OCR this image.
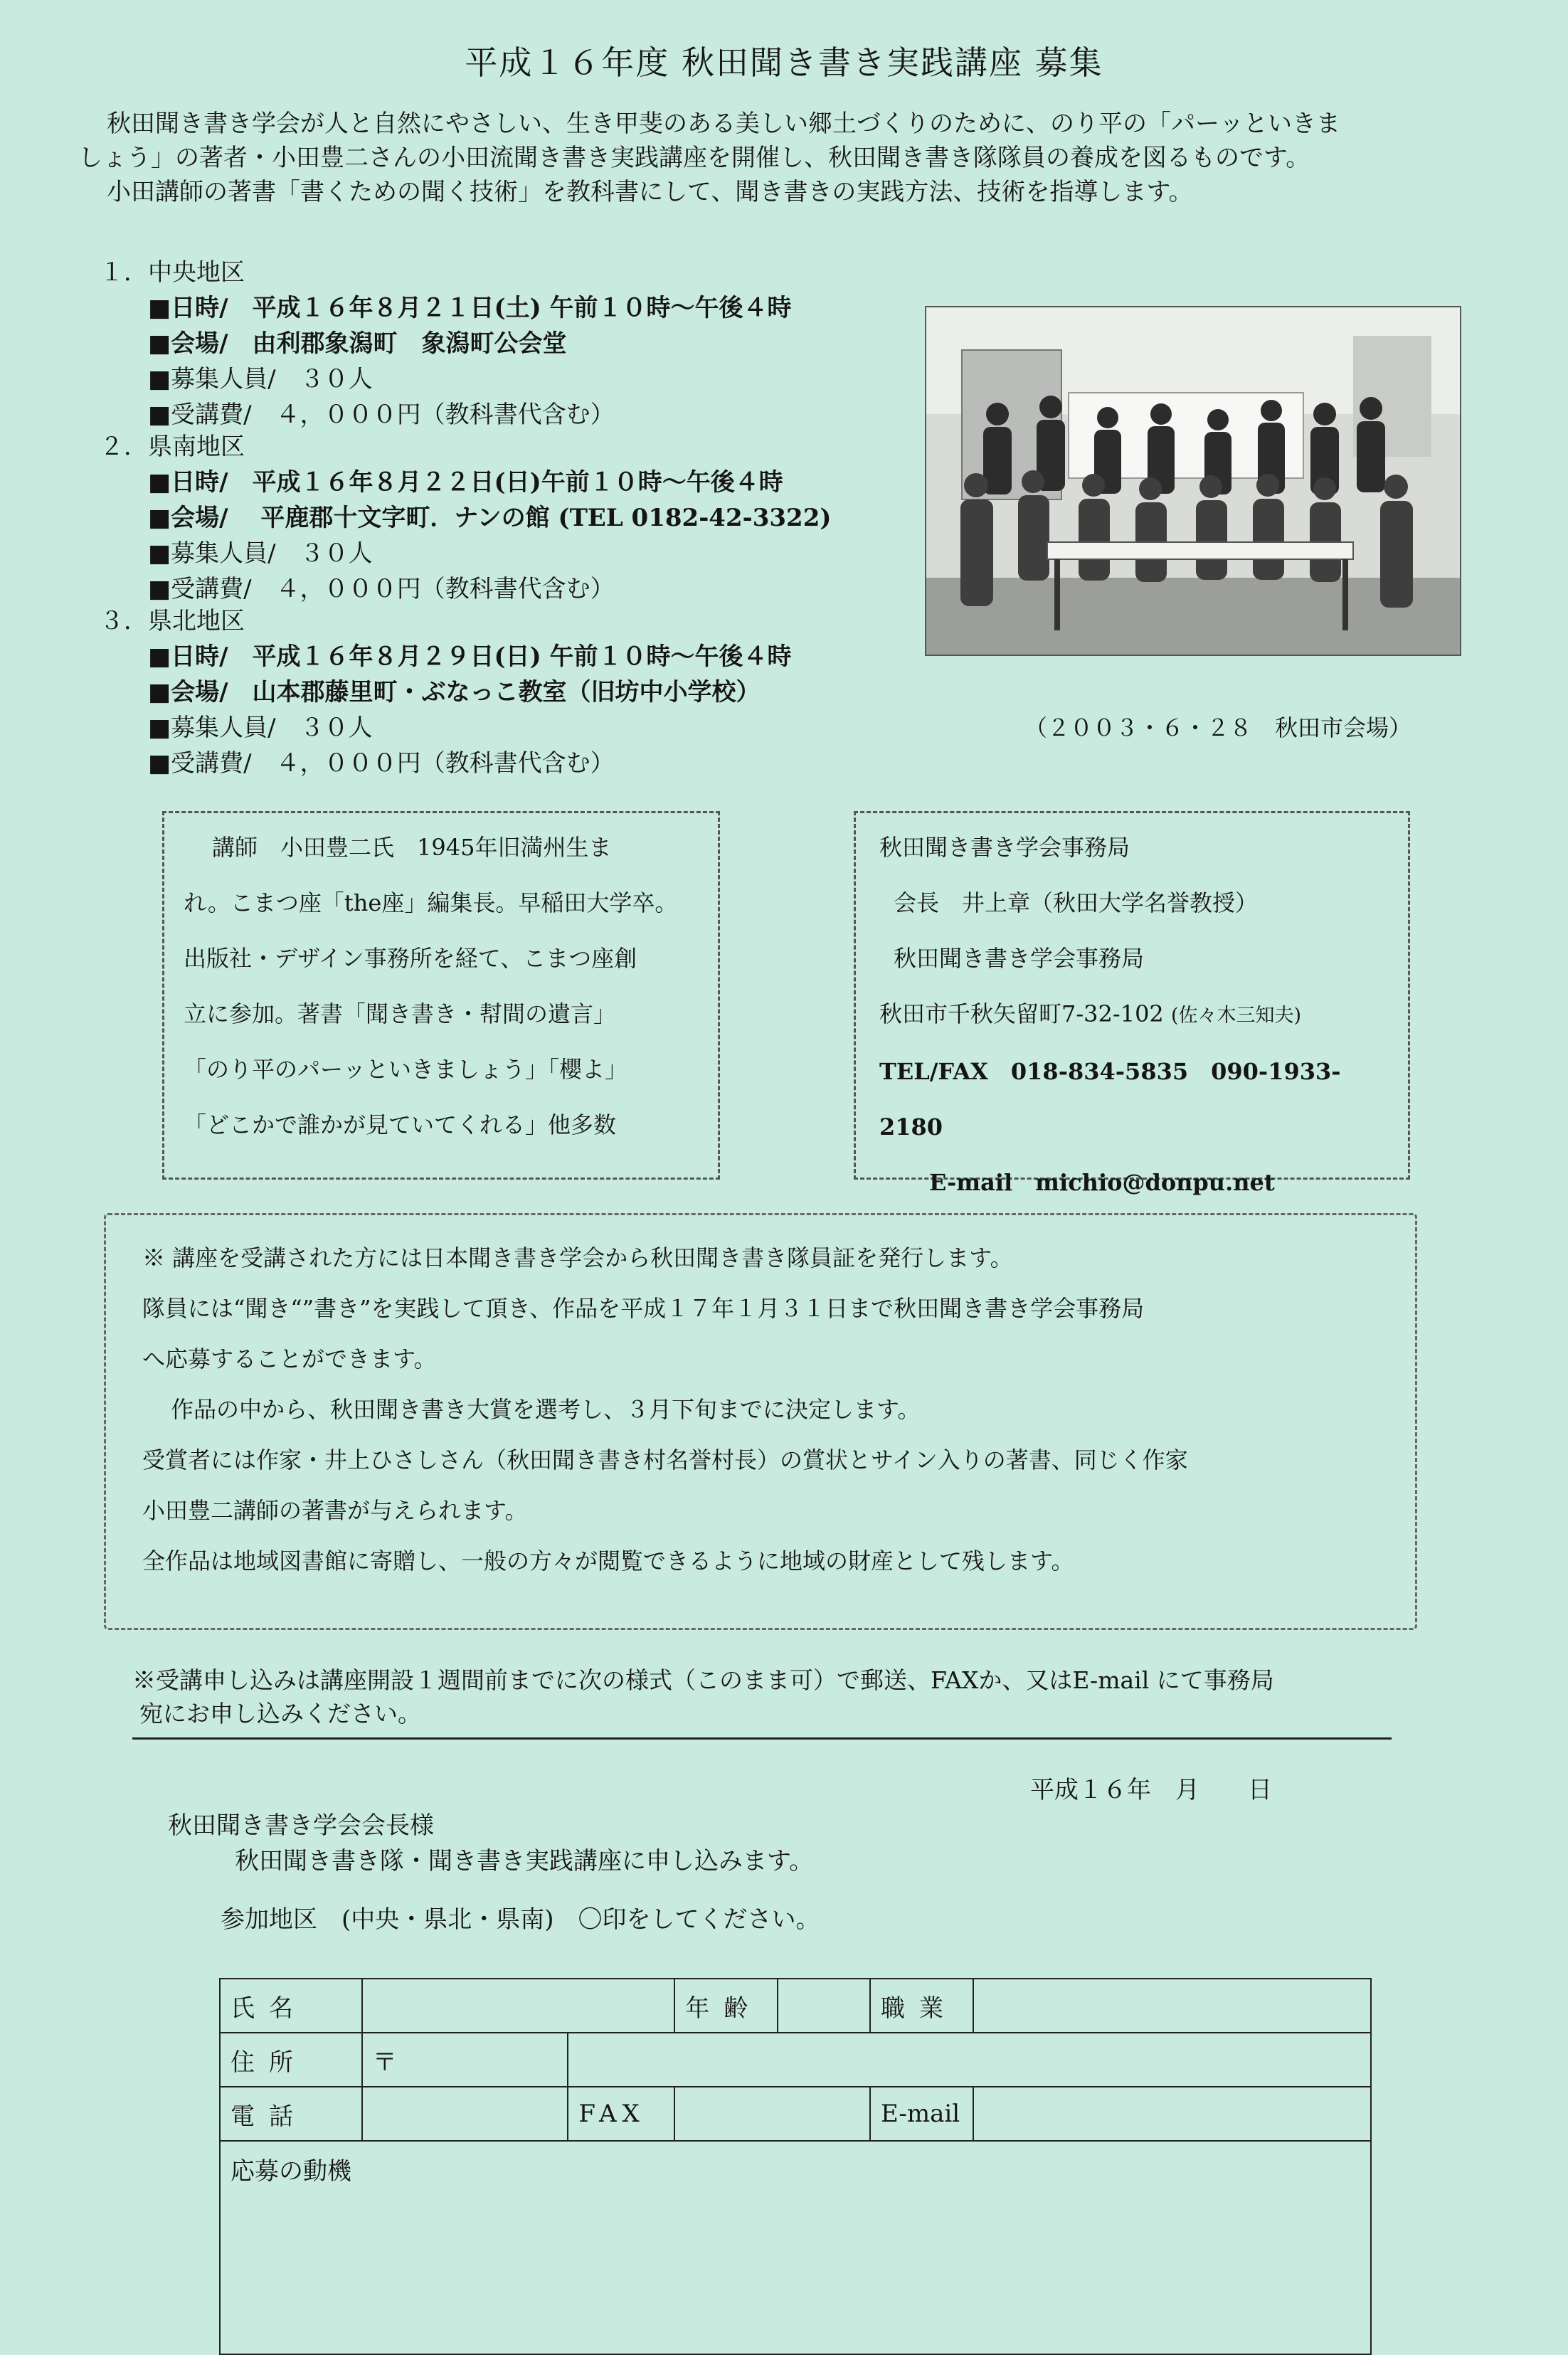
平成１６年度 秋田聞き書き実践講座 募集

秋田聞き書き学会が人と自然にやさしい、生き甲斐のある美しい郷土づくりのために、のり平の「パーッといきま

しょう」の著者・小田豊二さんの小田流聞き書き実践講座を開催し、秋田聞き書き隊隊員の養成を図るものです。

小田講師の著書「書くための聞く技術」を教科書にして、聞き書きの実践方法、技術を指導します。

１．中央地区
■日時/　平成１６年８月２１日(土) 午前１０時〜午後４時
■会場/　由利郡象潟町　象潟町公会堂
■募集人員/　３０人
■受講費/　４，０００円（教科書代含む）
２．県南地区
■日時/　平成１６年８月２２日(日)午前１０時〜午後４時
■会場/　 平鹿郡十文字町．ナンの館 (TEL 0182-42-3322)
■募集人員/　３０人
■受講費/　４，０００円（教科書代含む）
３．県北地区
■日時/　平成１６年８月２９日(日) 午前１０時〜午後４時
■会場/　山本郡藤里町・ぶなっこ教室（旧坊中小学校）
■募集人員/　３０人
■受講費/　４，０００円（教科書代含む）
（２００３・６・２８　秋田市会場）
講師　小田豊二氏　1945年旧満州生ま
れ。こまつ座「the座」編集長。早稲田大学卒。
出版社・デザイン事務所を経て、こまつ座創
立に参加。著書「聞き書き・幇間の遺言」
「のり平のパーッといきましょう」「櫻よ」
「どこかで誰かが見ていてくれる」他多数
秋田聞き書き学会事務局
会長　井上章（秋田大学名誉教授）
秋田聞き書き学会事務局
秋田市千秋矢留町7-32-102 (佐々木三知夫)
TEL/FAX　018-834-5835　090-1933-2180
E-mail　michio@donpu.net

※ 講座を受講された方には日本聞き書き学会から秋田聞き書き隊員証を発行します。

隊員には“聞き“”書き”を実践して頂き、作品を平成１７年１月３１日まで秋田聞き書き学会事務局

へ応募することができます。

作品の中から、秋田聞き書き大賞を選考し、３月下旬までに決定します。

受賞者には作家・井上ひさしさん（秋田聞き書き村名誉村長）の賞状とサイン入りの著書、同じく作家

小田豊二講師の著書が与えられます。

全作品は地域図書館に寄贈し、一般の方々が閲覧できるように地域の財産として残します。

※受講申し込みは講座開設１週間前までに次の様式（このまま可）で郵送、FAXか、又はE-mail にて事務局
宛にお申し込みください。
平成１６年　月　　日
秋田聞き書き学会会長様
秋田聞き書き隊・聞き書き実践講座に申し込みます。
参加地区　(中央・県北・県南)　〇印をしてください。
氏名			年齢		職業	
住所	〒					
電話		FAX			E-mail	
応募の動機						
